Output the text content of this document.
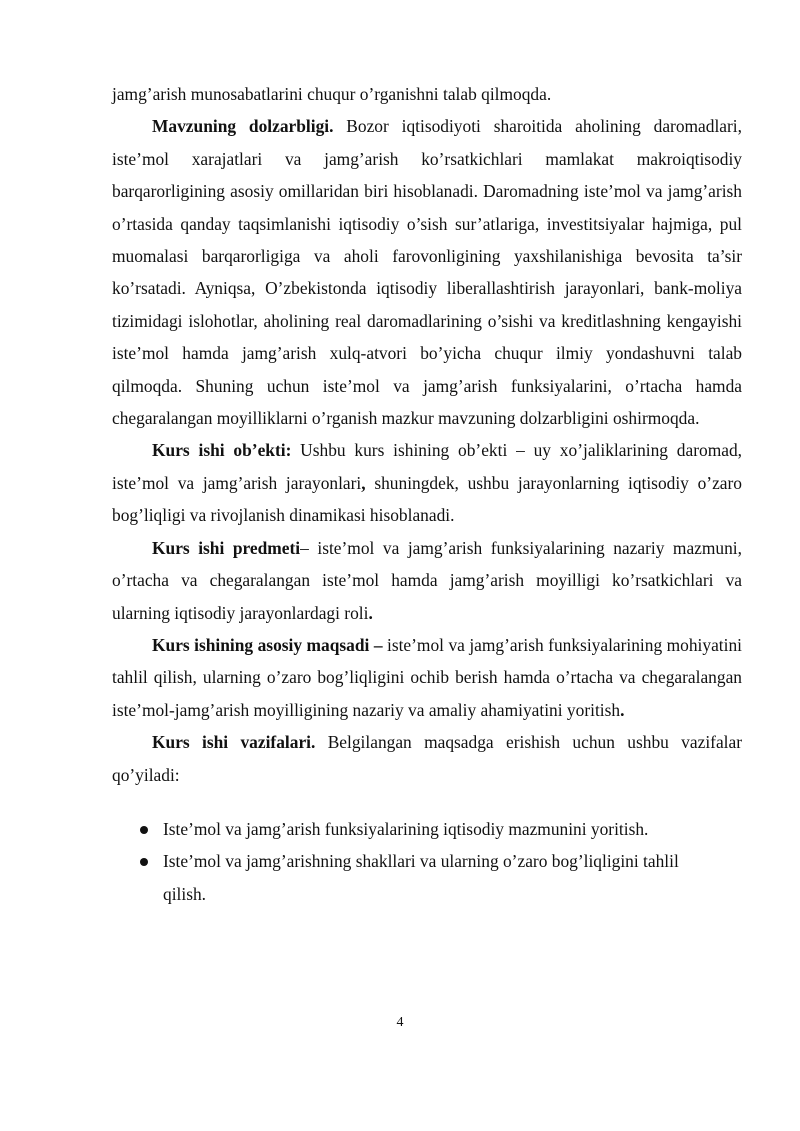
jamg’arish munosabatlarini chuqur o’rganishni talab qilmoqda.

Mavzuning dolzarbligi. Bozor iqtisodiyoti sharoitida aholining daromadlari, iste’mol xarajatlari va jamg’arish ko’rsatkichlari mamlakat makroiqtisodiy barqarorligining asosiy omillaridan biri hisoblanadi. Daromadning iste’mol va jamg’arish o’rtasida qanday taqsimlanishi iqtisodiy o’sish sur’atlariga, investitsiyalar hajmiga, pul muomalasi barqarorligiga va aholi farovonligining yaxshilanishiga bevosita ta’sir ko’rsatadi. Ayniqsa, O’zbekistonda iqtisodiy liberallashtirish jarayonlari, bank-moliya tizimidagi islohotlar, aholining real daromadlarining o’sishi va kreditlashning kengayishi iste’mol hamda jamg’arish xulq-atvori bo’yicha chuqur ilmiy yondashuvni talab qilmoqda. Shuning uchun iste’mol va jamg’arish funksiyalarini, o’rtacha hamda chegaralangan moyilliklarni o’rganish mazkur mavzuning dolzarbligini oshirmoqda.

Kurs ishi ob’ekti: Ushbu kurs ishining ob’ekti – uy xo’jaliklarining daromad, iste’mol va jamg’arish jarayonlari, shuningdek, ushbu jarayonlarning iqtisodiy o’zaro bog’liqligi va rivojlanish dinamikasi hisoblanadi.

Kurs ishi predmeti– iste’mol va jamg’arish funksiyalarining nazariy mazmuni, o’rtacha va chegaralangan iste’mol hamda jamg’arish moyilligi ko’rsatkichlari va ularning iqtisodiy jarayonlardagi roli.

Kurs ishining asosiy maqsadi – iste’mol va jamg’arish funksiyalarining mohiyatini tahlil qilish, ularning o’zaro bog’liqligini ochib berish hamda o’rtacha va chegaralangan iste’mol-jamg’arish moyilligining nazariy va amaliy ahamiyatini yoritish.

Kurs ishi vazifalari. Belgilangan maqsadga erishish uchun ushbu vazifalar qo’yiladi:

Iste’mol va jamg’arish funksiyalarining iqtisodiy mazmunini yoritish.
Iste’mol va jamg’arishning shakllari va ularning o’zaro bog’liqligini tahlil qilish.
4
